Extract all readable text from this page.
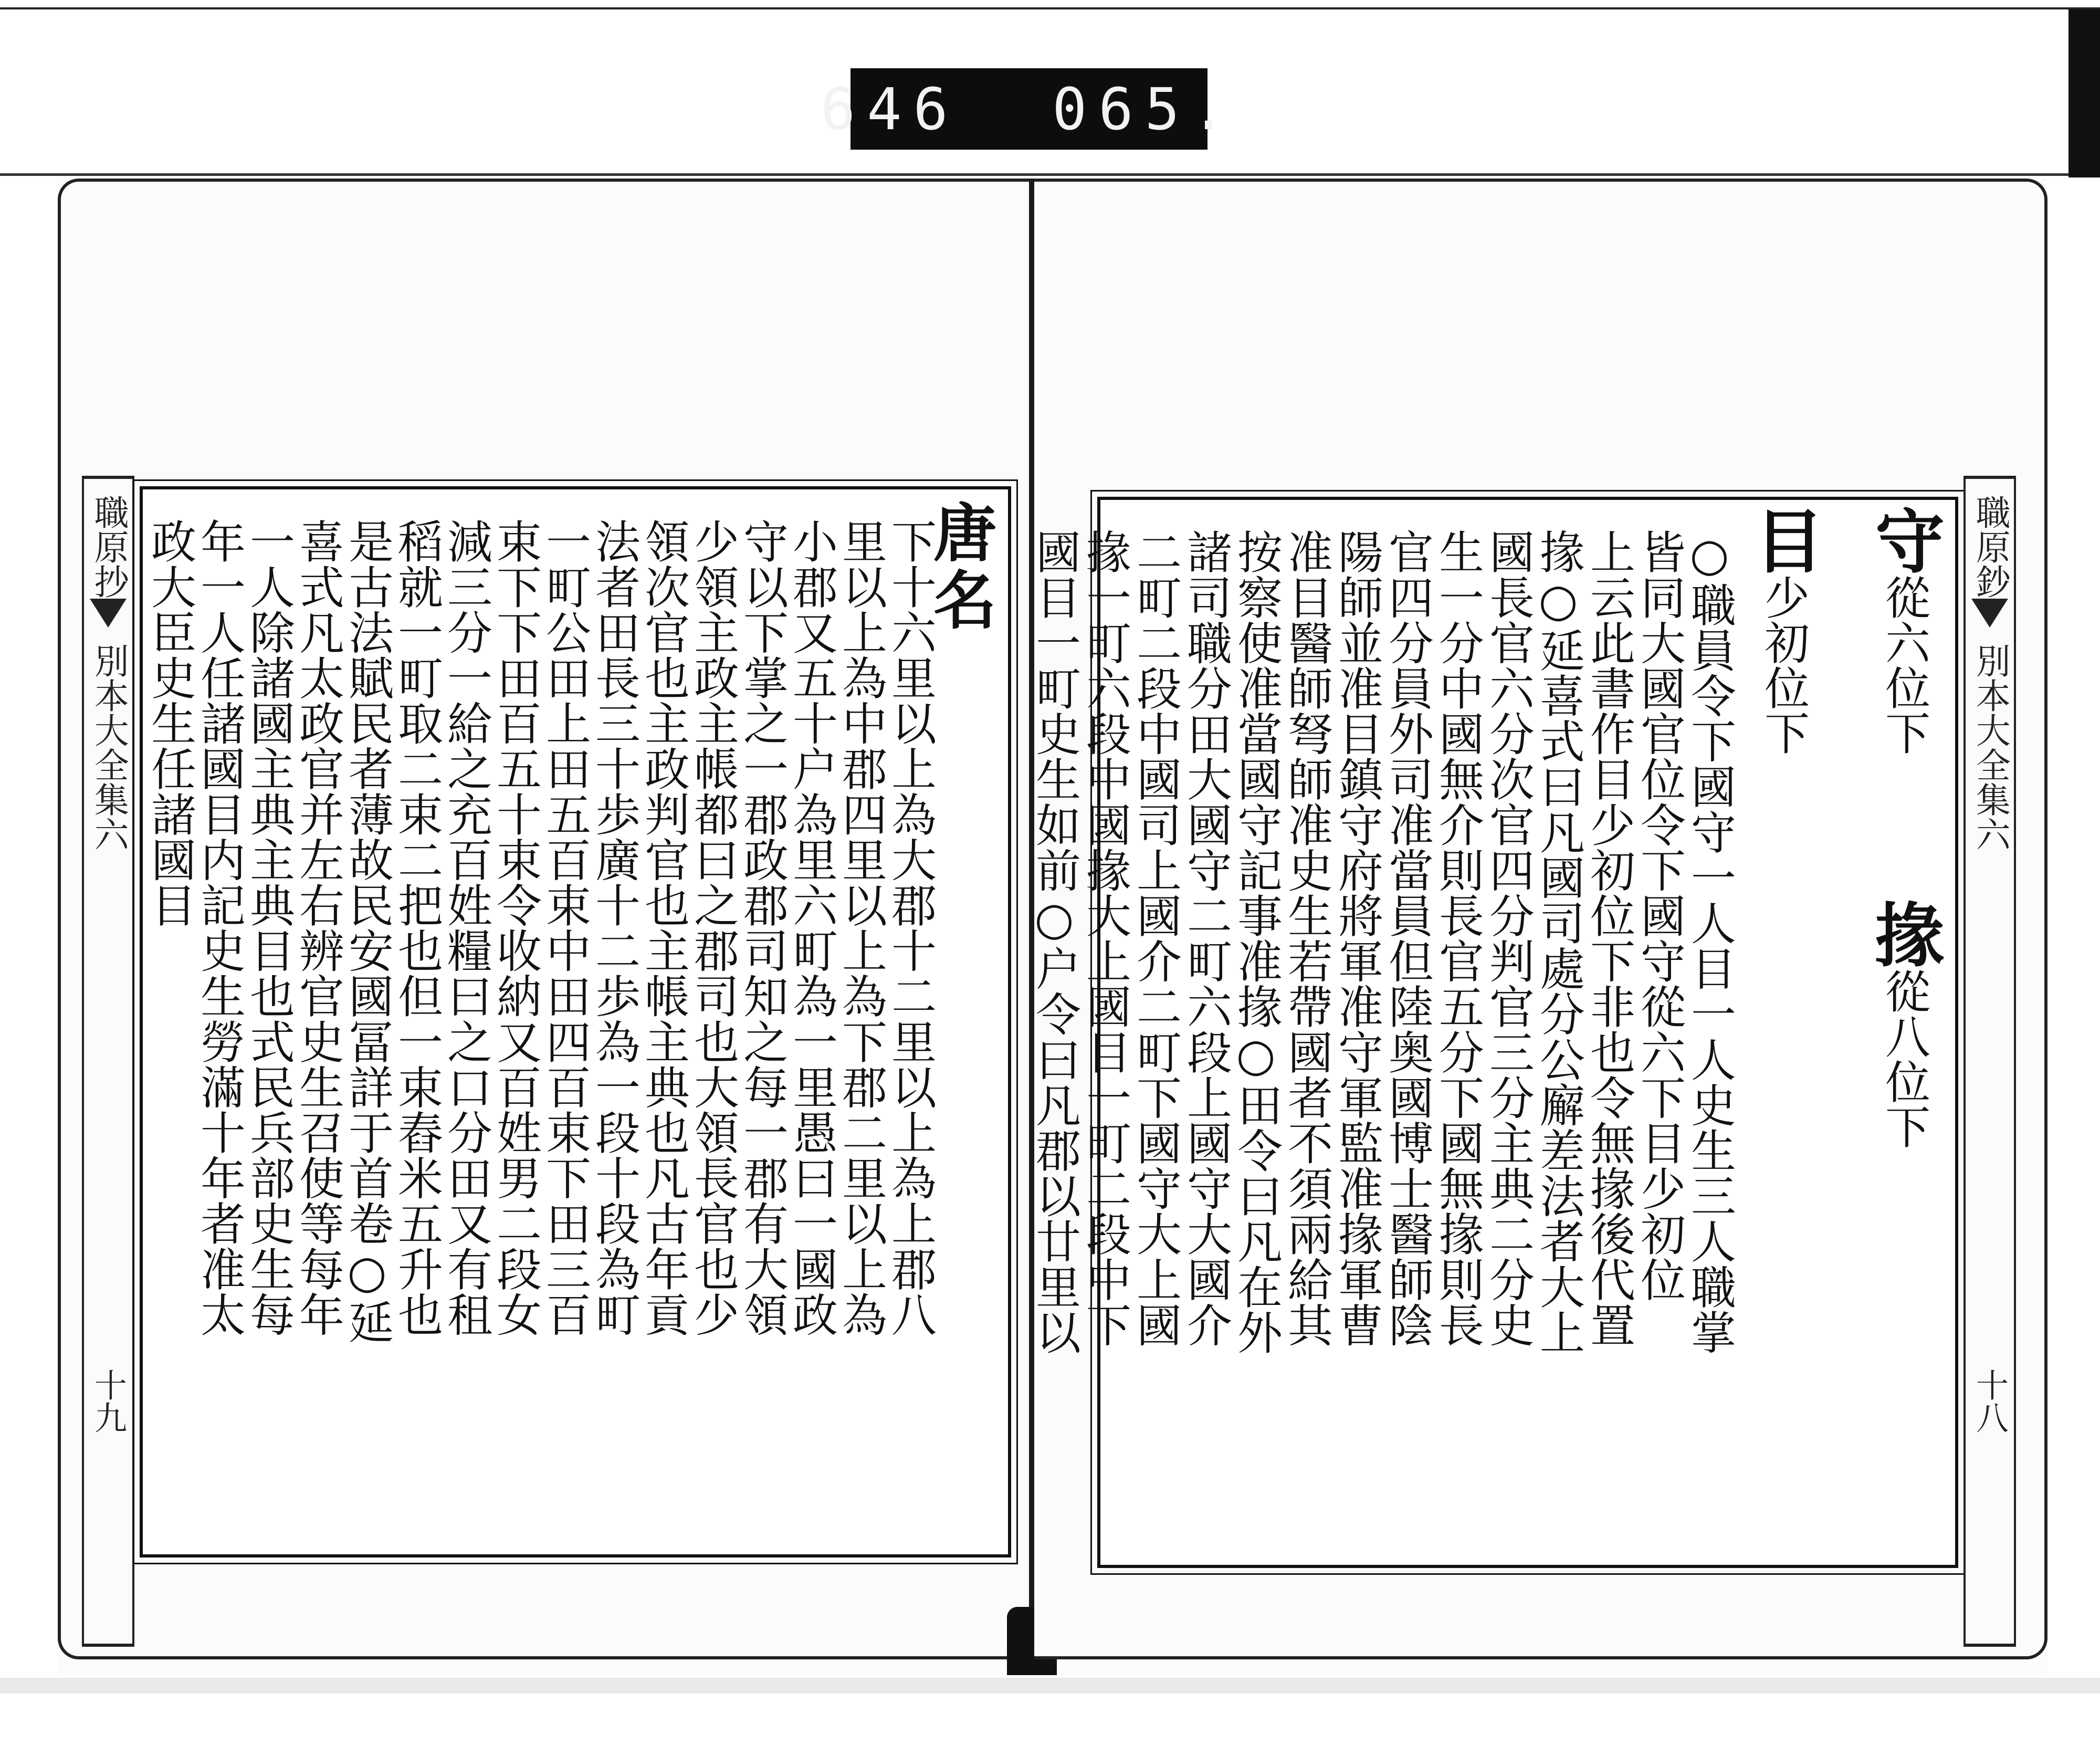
646  065.
職原抄
別本大全集六
十九
唐名
下十六里以上為大郡十二里以上為上郡八
里以上為中郡四里以上為下郡二里以上為
小郡又五十户為里六町為一里愚曰一國政
守以下掌之一郡政郡司知之每一郡有大領
少領主政主帳都曰之郡司也大領長官也少
領次官也主政判官也主帳主典也凡古年貢
法者田長三十歩廣十二歩為一段十段為町
一町公田上田五百束中田四百束下田三百
束下下田百五十束令收納又百姓男二段女
減三分一給之充百姓糧曰之口分田又有租
稻就一町取二束二把也但一束舂米五升也
是古法賦民者薄故民安國冨詳于首卷○延
喜式凡太政官并左右辨官史生召使等每年
一人除諸國主典主典目也式民兵部史生每
年一人任諸國目内記史生勞滿十年者准太
政大臣史生任諸國目	守從六位下
掾從八位下
目少初位下
○職員令下國守一人目一人史生三人職掌
皆同大國官位令下國守從六下目少初位
上云此書作目少初位下非也令無掾後代置
掾○延喜式曰凡國司處分公廨差法者大上
國長官六分次官四分判官三分主典二分史
生一分中國無介則長官五分下國無掾則長
官四分員外司准當員但陸奥國博士醫師陰
陽師並准目鎮守府將軍准守軍監准掾軍曹
准目醫師弩師准史生若帶國者不須兩給其
按察使准當國守記事准掾○田令曰凡在外
諸司職分田大國守二町六段上國守大國介
二町二段中國司上國介二町下國守大上國
掾一町六段中國掾大上國目一町二段中下
國目一町史生如前○户令曰凡郡以廿里以	職原鈔
別本大全集六
十八
